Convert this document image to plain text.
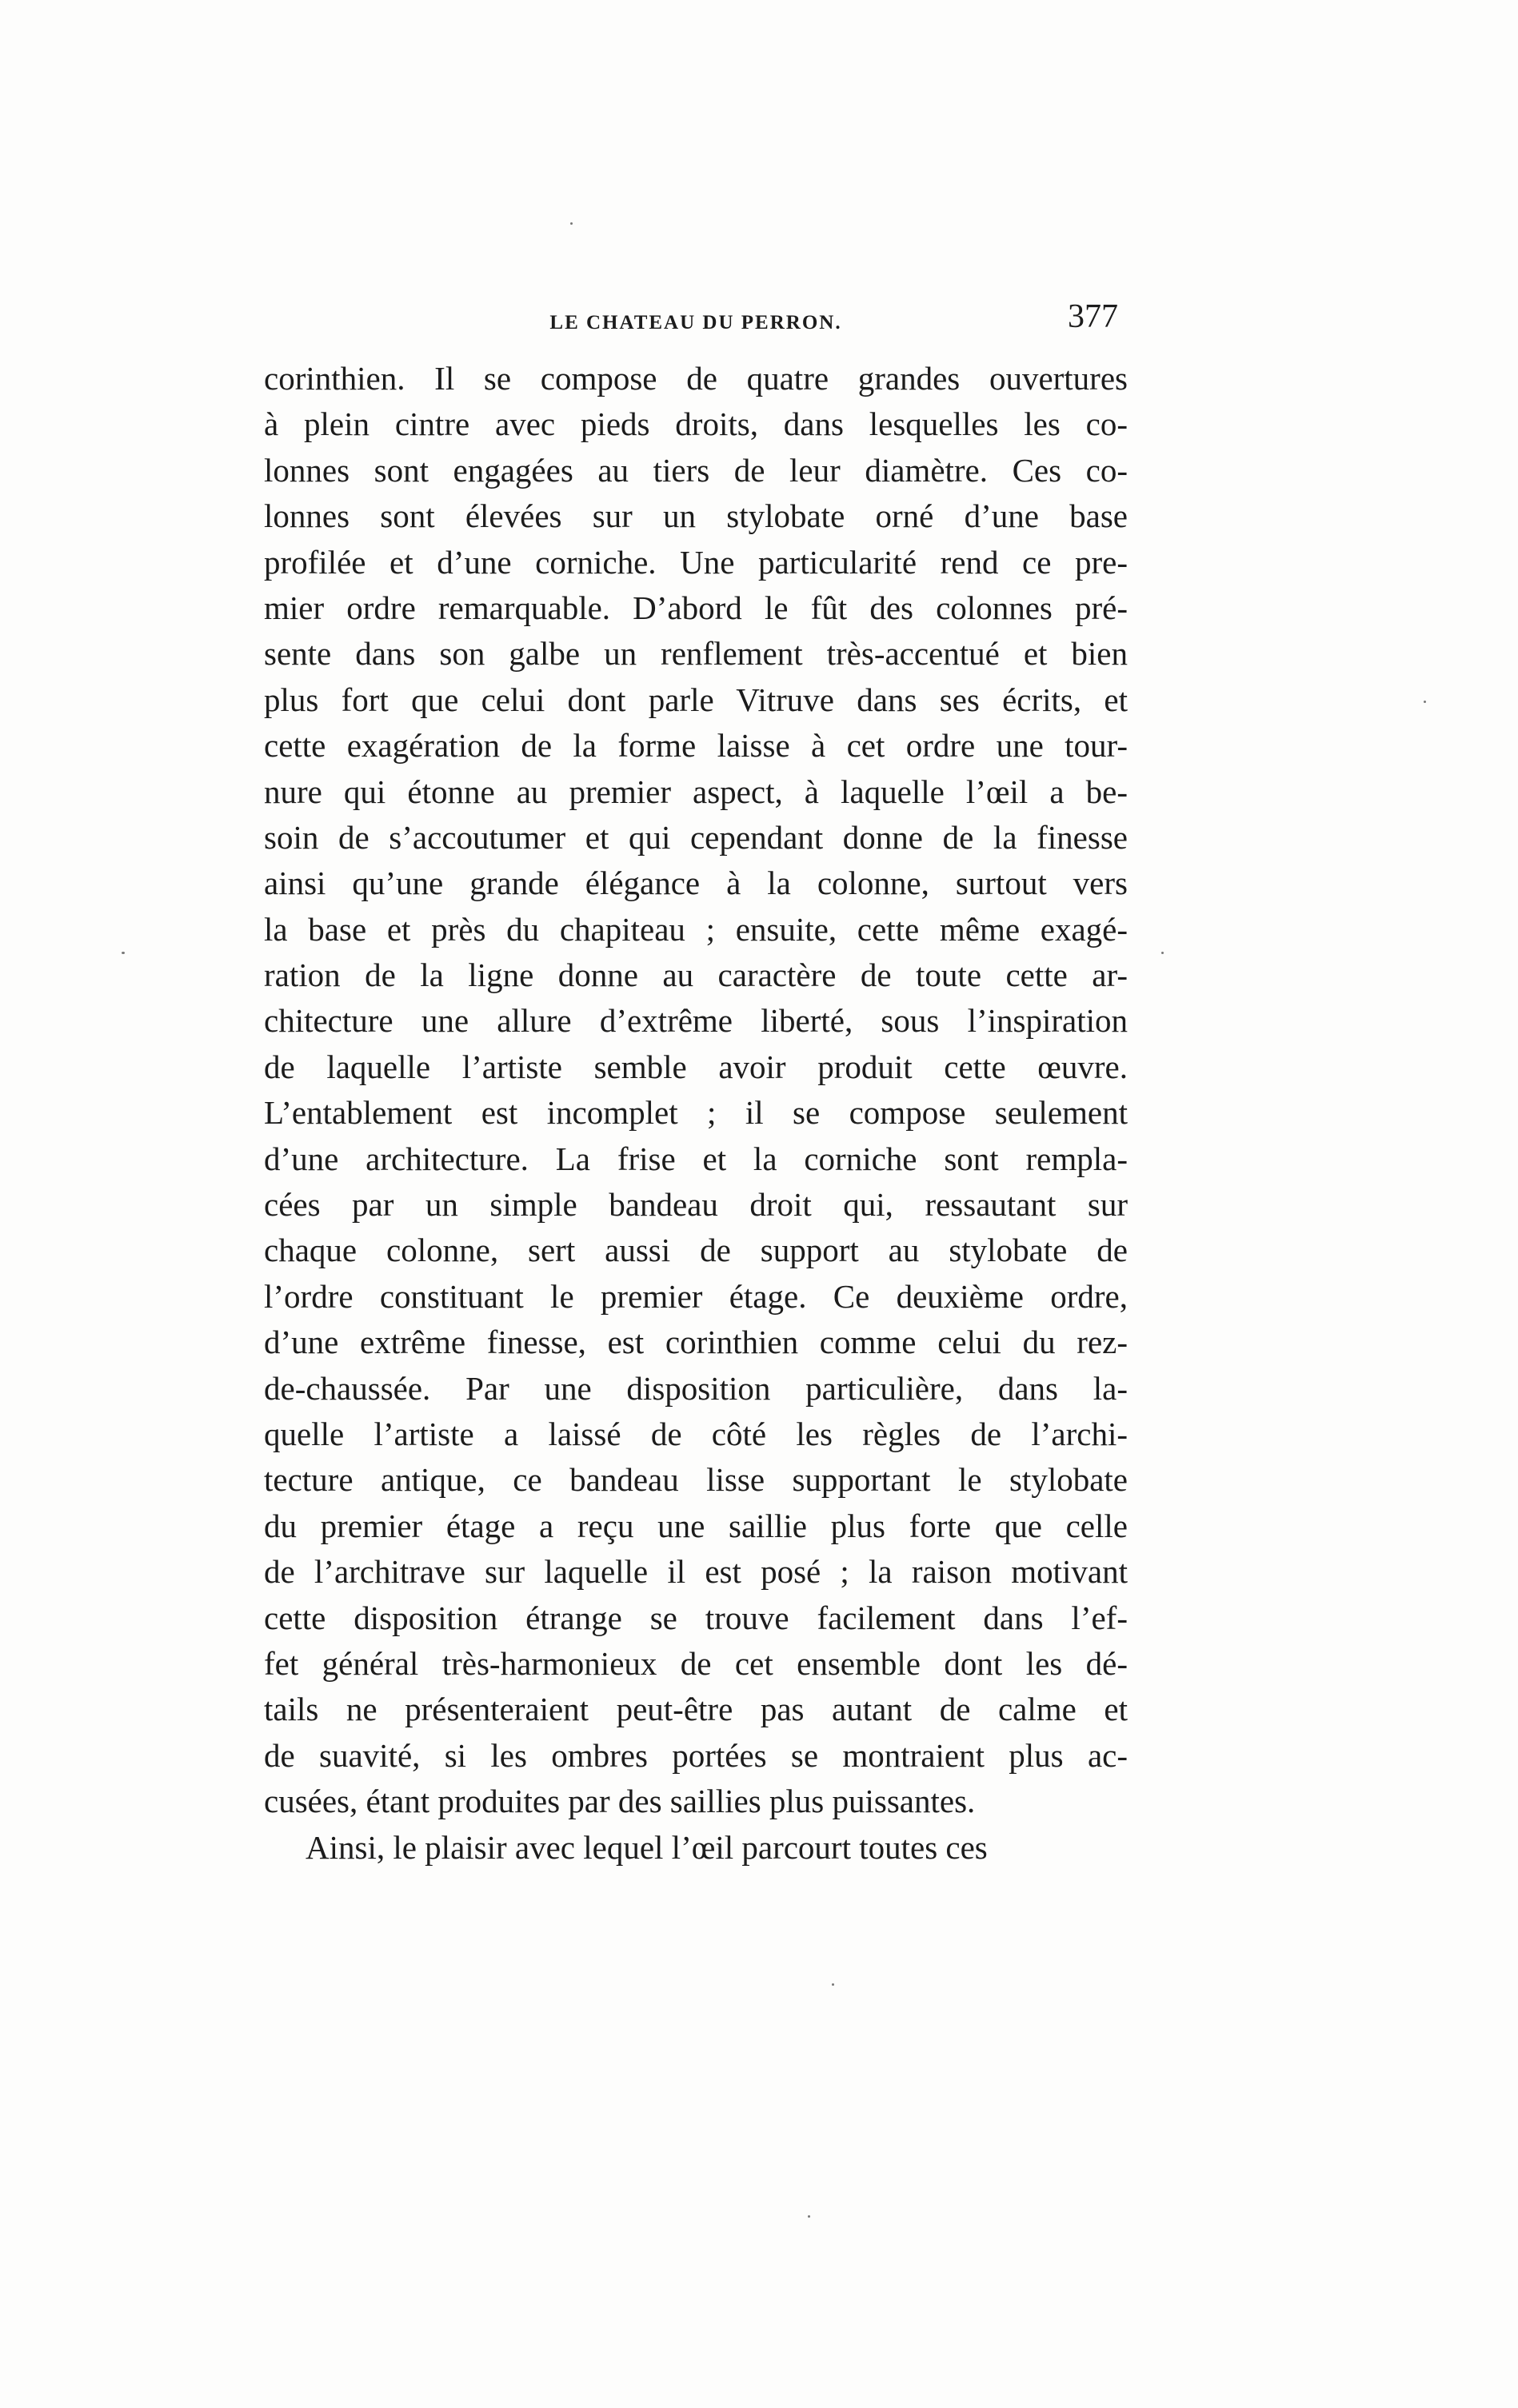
LE CHATEAU DU PERRON.	377
corinthien. Il se compose de quatre grandes ouvertures
à plein cintre avec pieds droits, dans lesquelles les co-
lonnes sont engagées au tiers de leur diamètre. Ces co-
lonnes sont élevées sur un stylobate orné d’une base
profilée et d’une corniche. Une particularité rend ce pre-
mier ordre remarquable. D’abord le fût des colonnes pré-
sente dans son galbe un renflement très-accentué et bien
plus fort que celui dont parle Vitruve dans ses écrits, et
cette exagération de la forme laisse à cet ordre une tour-
nure qui étonne au premier aspect, à laquelle l’œil a be-
soin de s’accoutumer et qui cependant donne de la finesse
ainsi qu’une grande élégance à la colonne, surtout vers
la base et près du chapiteau ; ensuite, cette même exagé-
ration de la ligne donne au caractère de toute cette ar-
chitecture une allure d’extrême liberté, sous l’inspiration
de laquelle l’artiste semble avoir produit cette œuvre.
L’entablement est incomplet ; il se compose seulement
d’une architecture. La frise et la corniche sont rempla-
cées par un simple bandeau droit qui, ressautant sur
chaque colonne, sert aussi de support au stylobate de
l’ordre constituant le premier étage. Ce deuxième ordre,
d’une extrême finesse, est corinthien comme celui du rez-
de-chaussée. Par une disposition particulière, dans la-
quelle l’artiste a laissé de côté les règles de l’archi-
tecture antique, ce bandeau lisse supportant le stylobate
du premier étage a reçu une saillie plus forte que celle
de l’architrave sur laquelle il est posé ; la raison motivant
cette disposition étrange se trouve facilement dans l’ef-
fet général très-harmonieux de cet ensemble dont les dé-
tails ne présenteraient peut-être pas autant de calme et
de suavité, si les ombres portées se montraient plus ac-
cusées, étant produites par des saillies plus puissantes.
Ainsi, le plaisir avec lequel l’œil parcourt toutes ces
